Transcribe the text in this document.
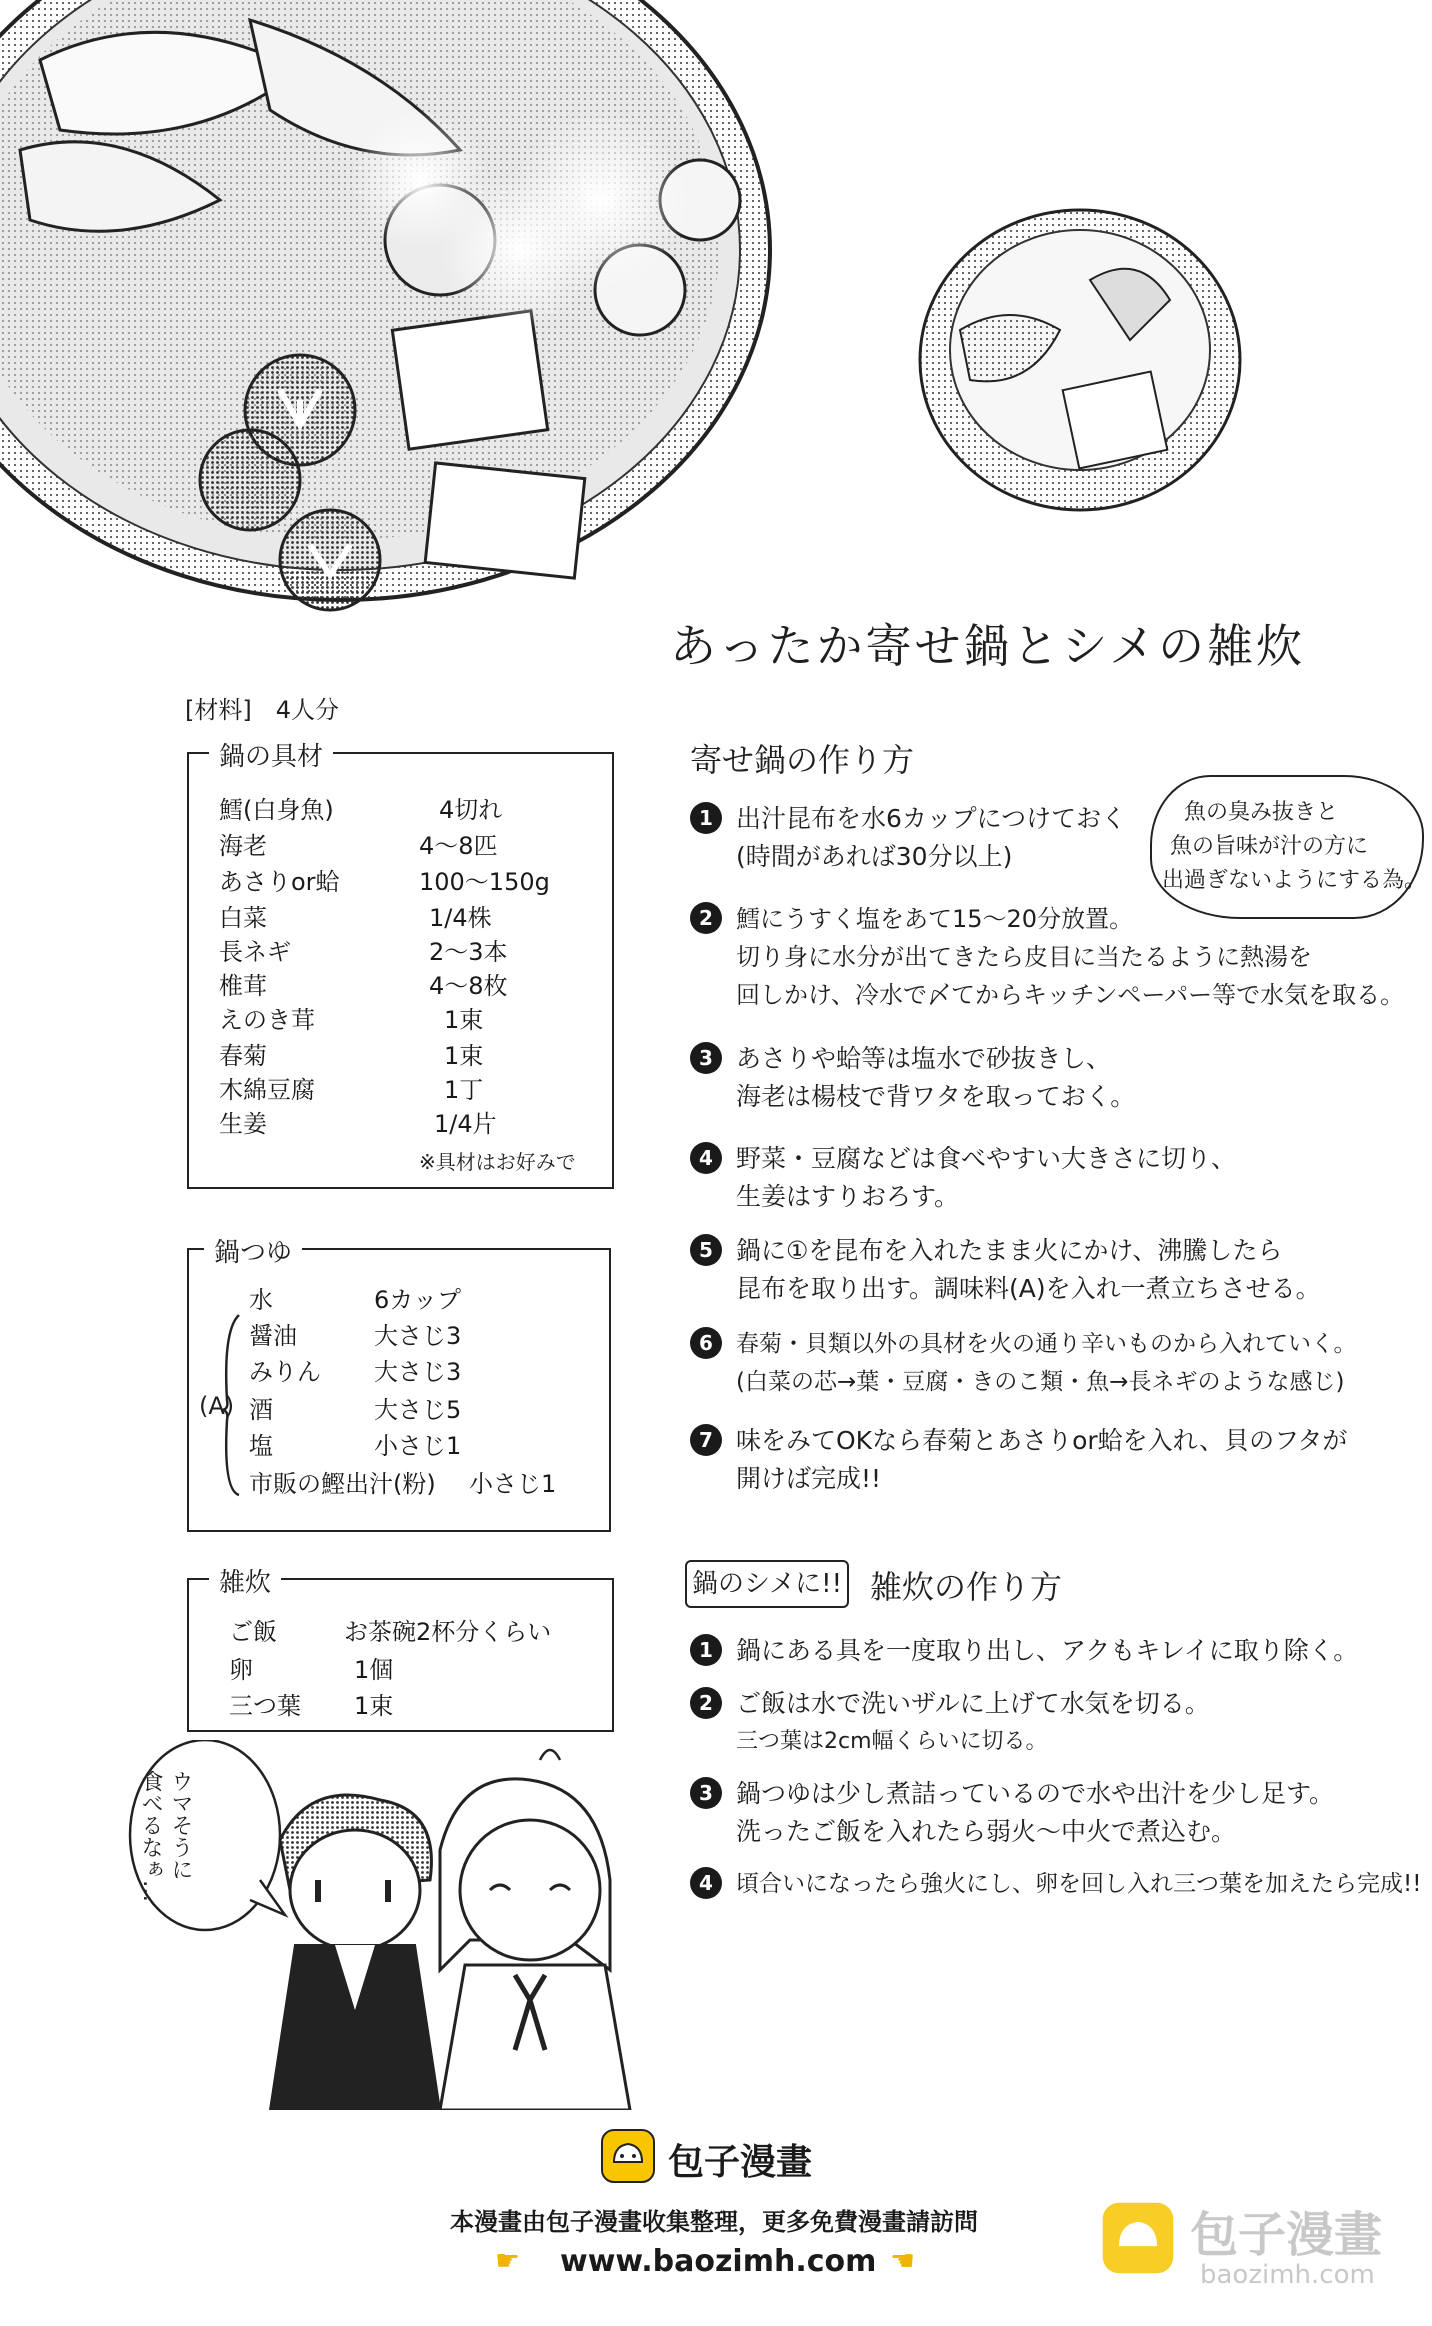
あったか寄せ鍋とシメの雑炊
[材料]　4人分
鍋の具材
鱈(白身魚)	4切れ
海老	4〜8匹
あさりor蛤	100〜150g
白菜	1/4株
長ネギ	2〜3本
椎茸	4〜8枚
えのき茸	1束
春菊	1束
木綿豆腐	1丁
生姜	1/4片
※具材はお好みで
鍋つゆ
(A)
水	6カップ
醤油	大さじ3
みりん 大さじ3
酒	大さじ5
塩	小さじ1
市販の鰹出汁(粉) 小さじ1
雑炊
ご飯	お茶碗2杯分くらい
卵	1個
三つ葉 1束
寄せ鍋の作り方
魚の臭み抜きと
魚の旨味が汁の方に
出過ぎないようにする為。
1 出汁昆布を水6カップにつけておく
(時間があれば30分以上)
2 鱈にうすく塩をあて15〜20分放置。
切り身に水分が出てきたら皮目に当たるように熱湯を
回しかけ、冷水で〆てからキッチンペーパー等で水気を取る。
3 あさりや蛤等は塩水で砂抜きし、
海老は楊枝で背ワタを取っておく。
4 野菜・豆腐などは食べやすい大きさに切り、
生姜はすりおろす。
5 鍋に①を昆布を入れたまま火にかけ、沸騰したら
昆布を取り出す。調味料(A)を入れ一煮立ちさせる。
6	春菊・貝類以外の具材を火の通り辛いものから入れていく。
(白菜の芯→葉・豆腐・きのこ類・魚→長ネギのような感じ)
7 味をみてOKなら春菊とあさりor蛤を入れ、貝のフタが
開けば完成!!
鍋のシメに!! 雑炊の作り方
1 鍋にある具を一度取り出し、アクもキレイに取り除く。
2 ご飯は水で洗いザルに上げて水気を切る。
三つ葉は2cm幅くらいに切る。
3 鍋つゆは少し煮詰っているので水や出汁を少し足す。
洗ったご飯を入れたら弱火〜中火で煮込む。
4	頃合いになったら強火にし、卵を回し入れ三つ葉を加えたら完成!!
ウマそうに
食べるなぁ…
包子漫畫
本漫畫由包子漫畫收集整理，更多免費漫畫請訪問
☛ www.baozimh.com ☚	包子漫畫
baozimh.com
